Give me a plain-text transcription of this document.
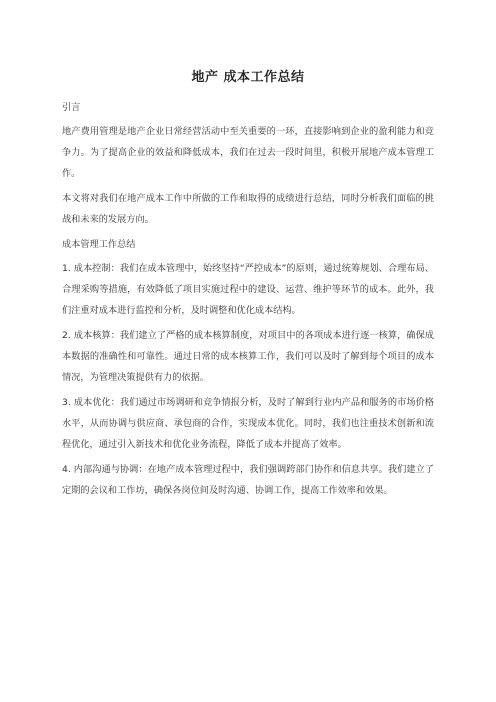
地产 成本工作总结
引言

地产费用管理是地产企业日常经营活动中至关重要的一环，直接影响到企业的盈利能力和竞争力。为了提高企业的效益和降低成本，我们在过去一段时间里，积极开展地产成本管理工作。

本文将对我们在地产成本工作中所做的工作和取得的成绩进行总结，同时分析我们面临的挑战和未来的发展方向。

成本管理工作总结

1. 成本控制：我们在成本管理中，始终坚持“严控成本”的原则，通过统筹规划、合理布局、合理采购等措施，有效降低了项目实施过程中的建设、运营、维护等环节的成本。此外，我们注重对成本进行监控和分析，及时调整和优化成本结构。

2. 成本核算：我们建立了严格的成本核算制度，对项目中的各项成本进行逐一核算，确保成本数据的准确性和可靠性。通过日常的成本核算工作，我们可以及时了解到每个项目的成本情况，为管理决策提供有力的依据。

3. 成本优化：我们通过市场调研和竞争情报分析，及时了解到行业内产品和服务的市场价格水平，从而协调与供应商、承包商的合作，实现成本优化。同时，我们也注重技术创新和流程优化，通过引入新技术和优化业务流程，降低了成本并提高了效率。

4. 内部沟通与协调：在地产成本管理过程中，我们强调跨部门协作和信息共享。我们建立了定期的会议和工作坊，确保各岗位间及时沟通、协调工作，提高工作效率和效果。
